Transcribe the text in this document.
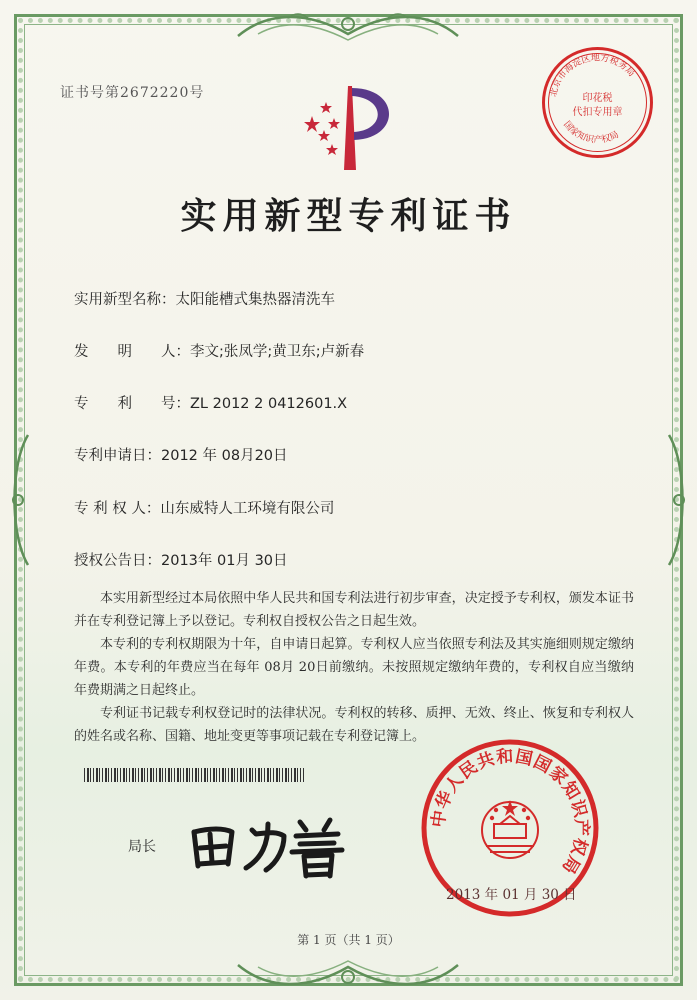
证书号第2672220号	北京市海淀区地方税务局
国家知识产权局
印花税
代扣专用章
实用新型专利证书
实用新型名称：太阳能槽式集热器清洗车
发　　明　　人：李文;张凤学;黄卫东;卢新春
专　　利　　号：ZL 2012 2 0412601.X
专利申请日：2012 年 08月20日
专 利 权 人：山东威特人工环境有限公司
授权公告日：2013年 01月 30日

本实用新型经过本局依照中华人民共和国专利法进行初步审查，决定授予专利权，颁发本证书并在专利登记簿上予以登记。专利权自授权公告之日起生效。

本专利的专利权期限为十年，自申请日起算。专利权人应当依照专利法及其实施细则规定缴纳年费。本专利的年费应当在每年 08月 20日前缴纳。未按照规定缴纳年费的，专利权自应当缴纳年费期满之日起终止。

专利证书记载专利权登记时的法律状况。专利权的转移、质押、无效、终止、恢复和专利权人的姓名或名称、国籍、地址变更等事项记载在专利登记簿上。

局长
中华人民共和国国家知识产权局
2013 年 01 月 30 日
第 1 页（共 1 页）
